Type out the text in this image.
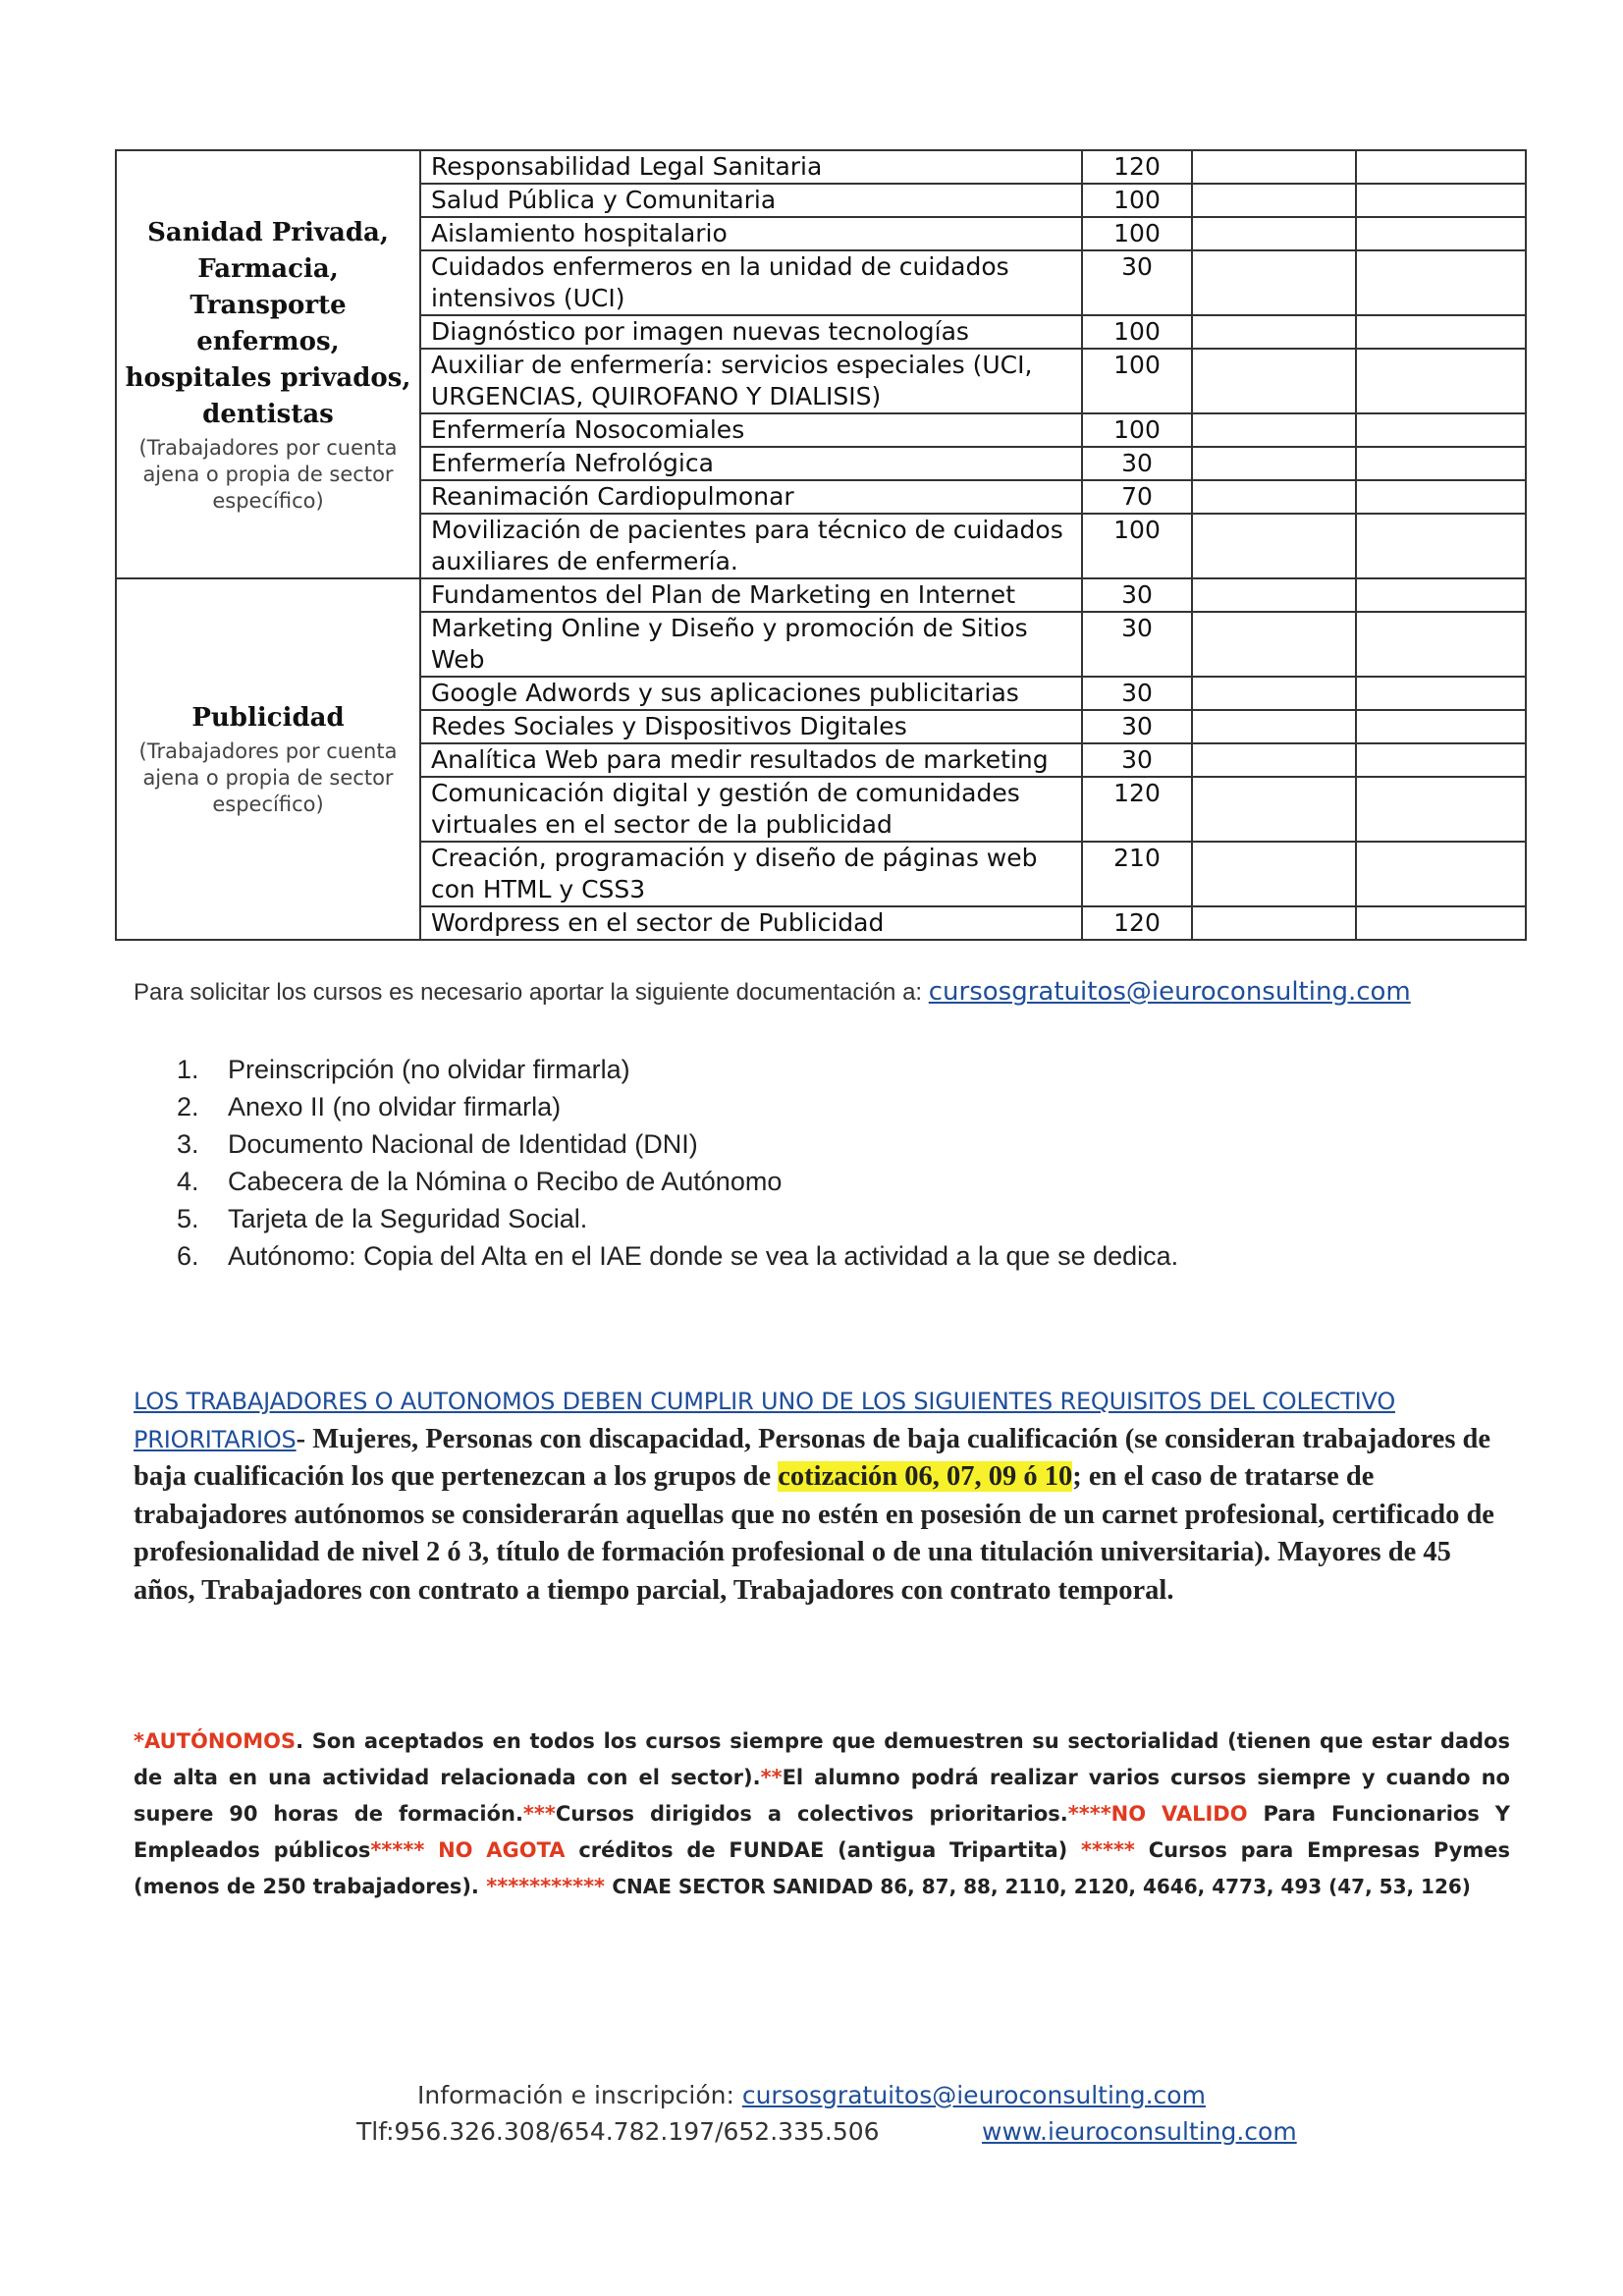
Sanidad Privada, Farmacia, Transporte enfermos, hospitales privados, dentistas
(Trabajadores por cuenta ajena o propia de sector específico)	Responsabilidad Legal Sanitaria	120		
	Salud Pública y Comunitaria	100		
	Aislamiento hospitalario	100		
	Cuidados enfermeros en la unidad de cuidados intensivos (UCI)	30		
	Diagnóstico por imagen nuevas tecnologías	100		
	Auxiliar de enfermería: servicios especiales (UCI, URGENCIAS, QUIROFANO Y DIALISIS)	100		
	Enfermería Nosocomiales	100		
	Enfermería Nefrológica	30		
	Reanimación Cardiopulmonar	70		
	Movilización de pacientes para técnico de cuidados auxiliares de enfermería.	100		

Publicidad
(Trabajadores por cuenta ajena o propia de sector específico)	Fundamentos del Plan de Marketing en Internet	30		
	Marketing Online y Diseño y promoción de Sitios Web	30		
	Google Adwords y sus aplicaciones publicitarias	30		
	Redes Sociales y Dispositivos Digitales	30		
	Analítica Web para medir resultados de marketing	30		
	Comunicación digital y gestión de comunidades virtuales en el sector de la publicidad	120		
	Creación, programación y diseño de páginas web con HTML y CSS3	210		
	Wordpress en el sector de Publicidad	120		
Para solicitar los cursos es necesario aportar la siguiente documentación a: cursosgratuitos@ieuroconsulting.com
1. Preinscripción (no olvidar firmarla)
2. Anexo II (no olvidar firmarla)
3. Documento Nacional de Identidad (DNI)
4. Cabecera de la Nómina o Recibo de Autónomo
5. Tarjeta de la Seguridad Social.
6. Autónomo: Copia del Alta en el IAE donde se vea la actividad a la que se dedica.
LOS TRABAJADORES O AUTONOMOS DEBEN CUMPLIR UNO DE LOS SIGUIENTES REQUISITOS DEL COLECTIVO PRIORITARIOS- Mujeres, Personas con discapacidad, Personas de baja cualificación (se consideran trabajadores de baja cualificación los que pertenezcan a los grupos de cotización 06, 07, 09 ó 10; en el caso de tratarse de trabajadores autónomos se considerarán aquellas que no estén en posesión de un carnet profesional, certificado de profesionalidad de nivel 2 ó 3, título de formación profesional o de una titulación universitaria). Mayores de 45 años, Trabajadores con contrato a tiempo parcial, Trabajadores con contrato temporal.
*AUTÓNOMOS. Son aceptados en todos los cursos siempre que demuestren su sectorialidad (tienen que estar dados de alta en una actividad relacionada con el sector).**El alumno podrá realizar varios cursos siempre y cuando no supere 90 horas de formación.***Cursos dirigidos a colectivos prioritarios.****NO VALIDO Para Funcionarios Y Empleados públicos***** NO AGOTA créditos de FUNDAE (antigua Tripartita) ***** Cursos para Empresas Pymes (menos de 250 trabajadores). *********** CNAE SECTOR SANIDAD 86, 87, 88, 2110, 2120, 4646, 4773, 493 (47, 53, 126)
Información e inscripción: cursosgratuitos@ieuroconsulting.com
Tlf:956.326.308/654.782.197/652.335.506	www.ieuroconsulting.com
